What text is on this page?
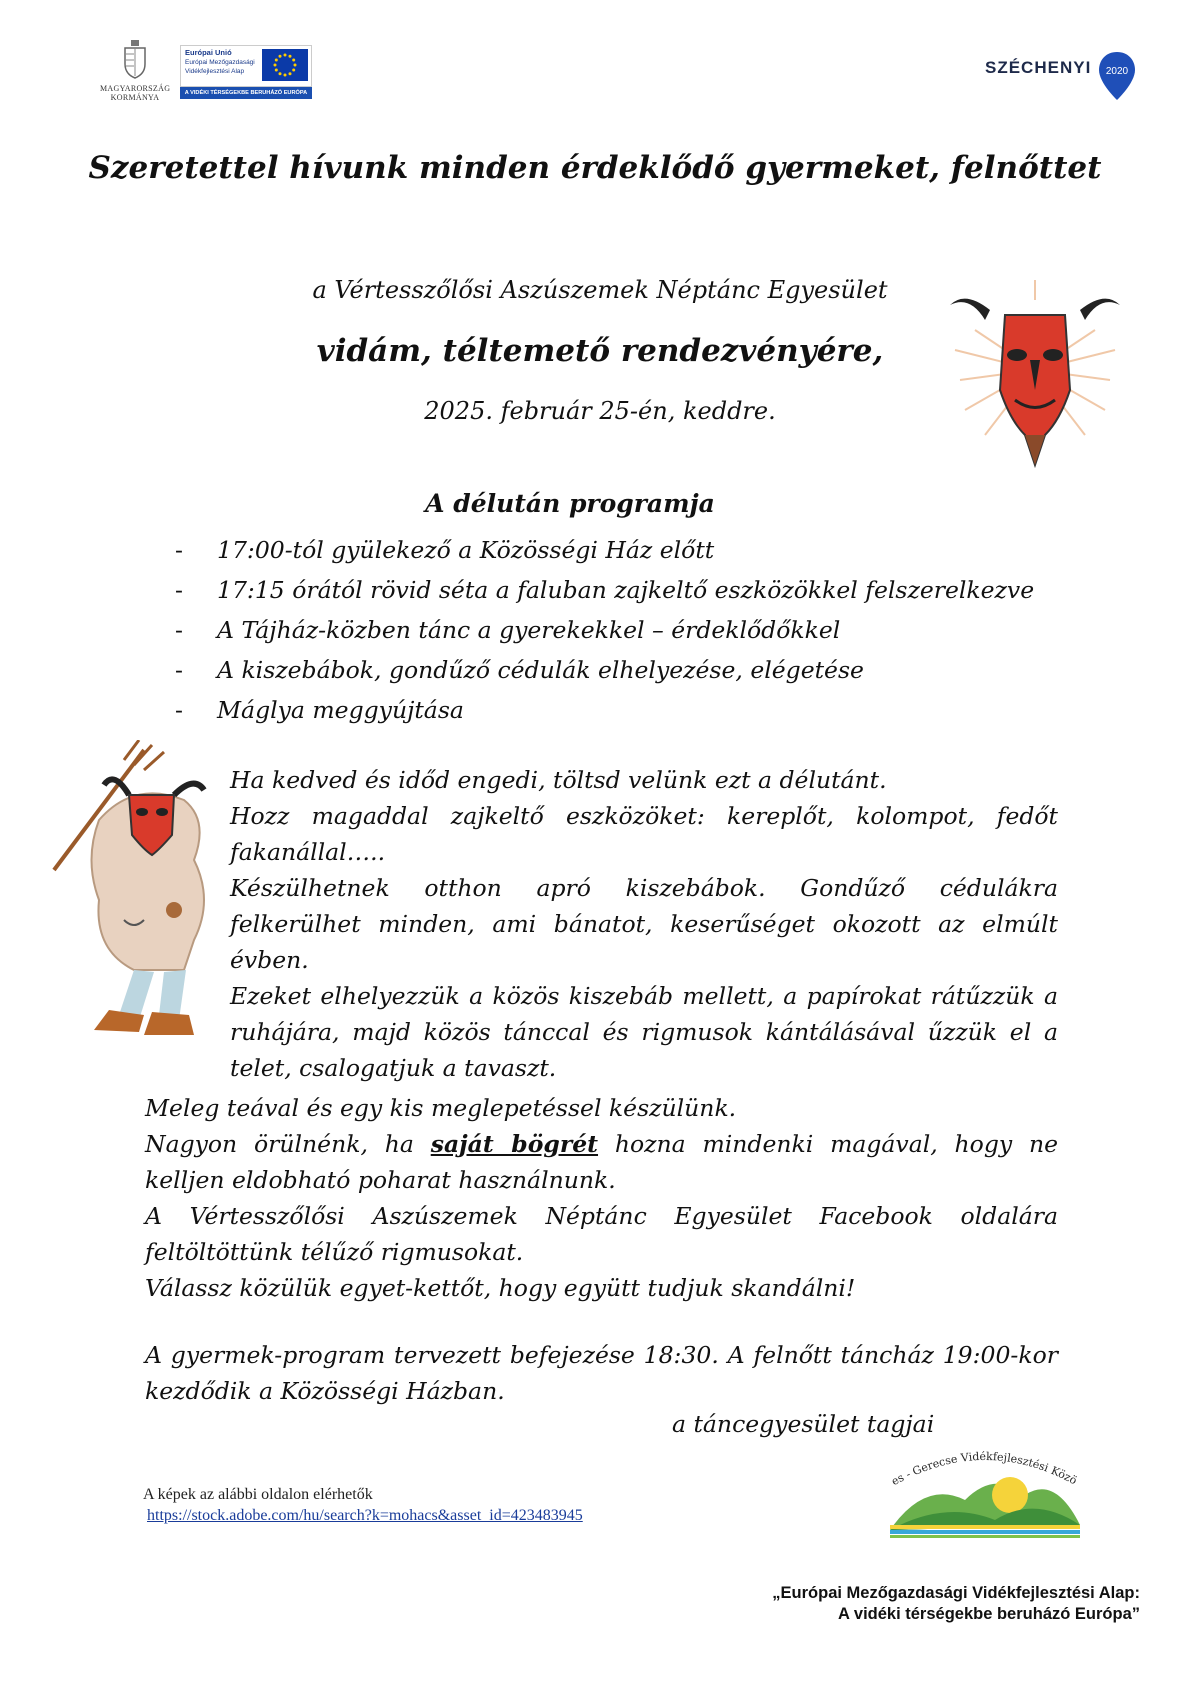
MAGYARORSZÁG
KORMÁNYA
Európai Unió
Európai Mezőgazdasági
Vidékfejlesztési Alap
A VIDÉKI TÉRSÉGEKBE BERUHÁZÓ EURÓPA
SZÉCHENYI 2020
Szeretettel hívunk minden érdeklődő gyermeket, felnőttet
a Vértesszőlősi Aszúszemek Néptánc Egyesület
vidám, téltemető rendezvényére,
2025. február 25-én, keddre.
A délután programja
- 17:00-tól gyülekező a Közösségi Ház előtt
- 17:15 órától rövid séta a faluban zajkeltő eszközökkel felszerelkezve
- A Tájház-közben tánc a gyerekekkel – érdeklődőkkel
- A kiszebábok, gondűző cédulák elhelyezése, elégetése
- Máglya meggyújtása

Ha kedved és időd engedi, töltsd velünk ezt a délutánt.

Hozz magaddal zajkeltő eszközöket: kereplőt, kolompot, fedőt fakanállal…..

Készülhetnek otthon apró kiszebábok. Gondűző cédulákra felkerülhet minden, ami bánatot, keserűséget okozott az elmúlt évben.

Ezeket elhelyezzük a közös kiszebáb mellett, a papírokat rátűzzük a ruhájára, majd közös tánccal és rigmusok kántálásával űzzük el a telet, csalogatjuk a tavaszt.

Meleg teával és egy kis meglepetéssel készülünk.

Nagyon örülnénk, ha saját bögrét hozna mindenki magával, hogy ne kelljen eldobható poharat használnunk.

A Vértesszőlősi Aszúszemek Néptánc Egyesület Facebook oldalára feltöltöttünk télűző rigmusokat.

Válassz közülük egyet-kettőt, hogy együtt tudjuk skandálni!

A gyermek-program tervezett befejezése 18:30. A felnőtt táncház 19:00-kor kezdődik a Közösségi Házban.

a táncegyesület tagjai
A képek az alábbi oldalon elérhetők
https://stock.adobe.com/hu/search?k=mohacs&asset_id=423483945
es - Gerecse Vidékfejlesztési Közö
„Európai Mezőgazdasági Vidékfejlesztési Alap:
A vidéki térségekbe beruházó Európa”
